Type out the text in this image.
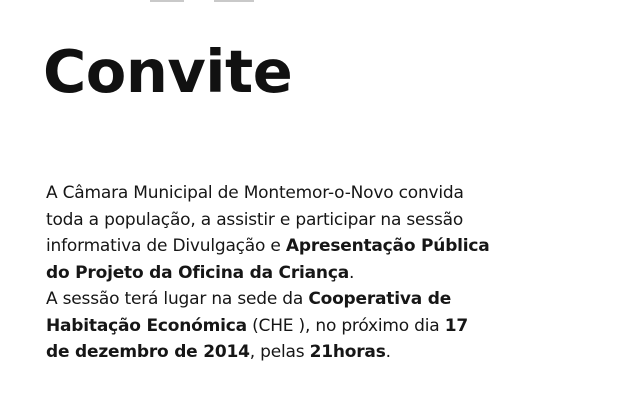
Convite
A Câmara Municipal de Montemor-o-Novo convida
toda a população, a assistir e participar na sessão
informativa de Divulgação e Apresentação Pública
do Projeto da Oficina da Criança.
A sessão terá lugar na sede da Cooperativa de
Habitação Económica (CHE ), no próximo dia 17
de dezembro de 2014, pelas 21horas.
